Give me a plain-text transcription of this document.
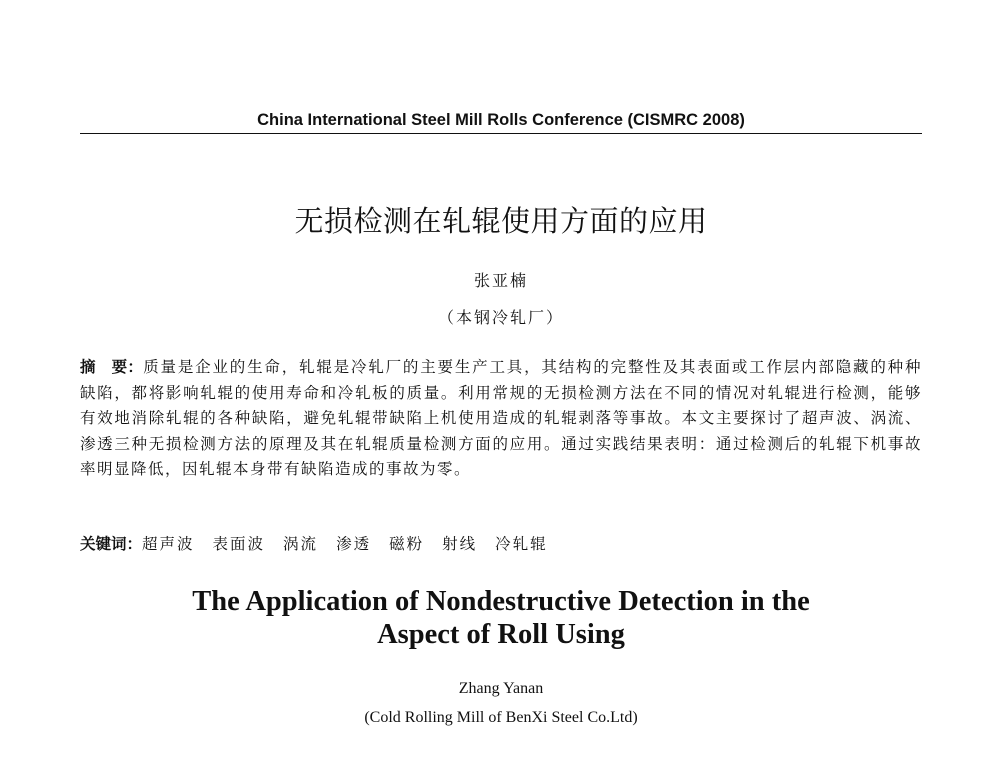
China International Steel Mill Rolls Conference (CISMRC 2008)
无损检测在轧辊使用方面的应用
张亚楠
（本钢冷轧厂）
摘　要：质量是企业的生命，轧辊是冷轧厂的主要生产工具，其结构的完整性及其表面或工作层内部隐藏的种种缺陷，都将影响轧辊的使用寿命和冷轧板的质量。利用常规的无损检测方法在不同的情况对轧辊进行检测，能够有效地消除轧辊的各种缺陷，避免轧辊带缺陷上机使用造成的轧辊剥落等事故。本文主要探讨了超声波、涡流、渗透三种无损检测方法的原理及其在轧辊质量检测方面的应用。通过实践结果表明：通过检测后的轧辊下机事故率明显降低，因轧辊本身带有缺陷造成的事故为零。
关键词：超声波 表面波 涡流 渗透 磁粉 射线 冷轧辊
The Application of Nondestructive Detection in the
Aspect of Roll Using
Zhang Yanan
(Cold Rolling Mill of BenXi Steel Co.Ltd)
